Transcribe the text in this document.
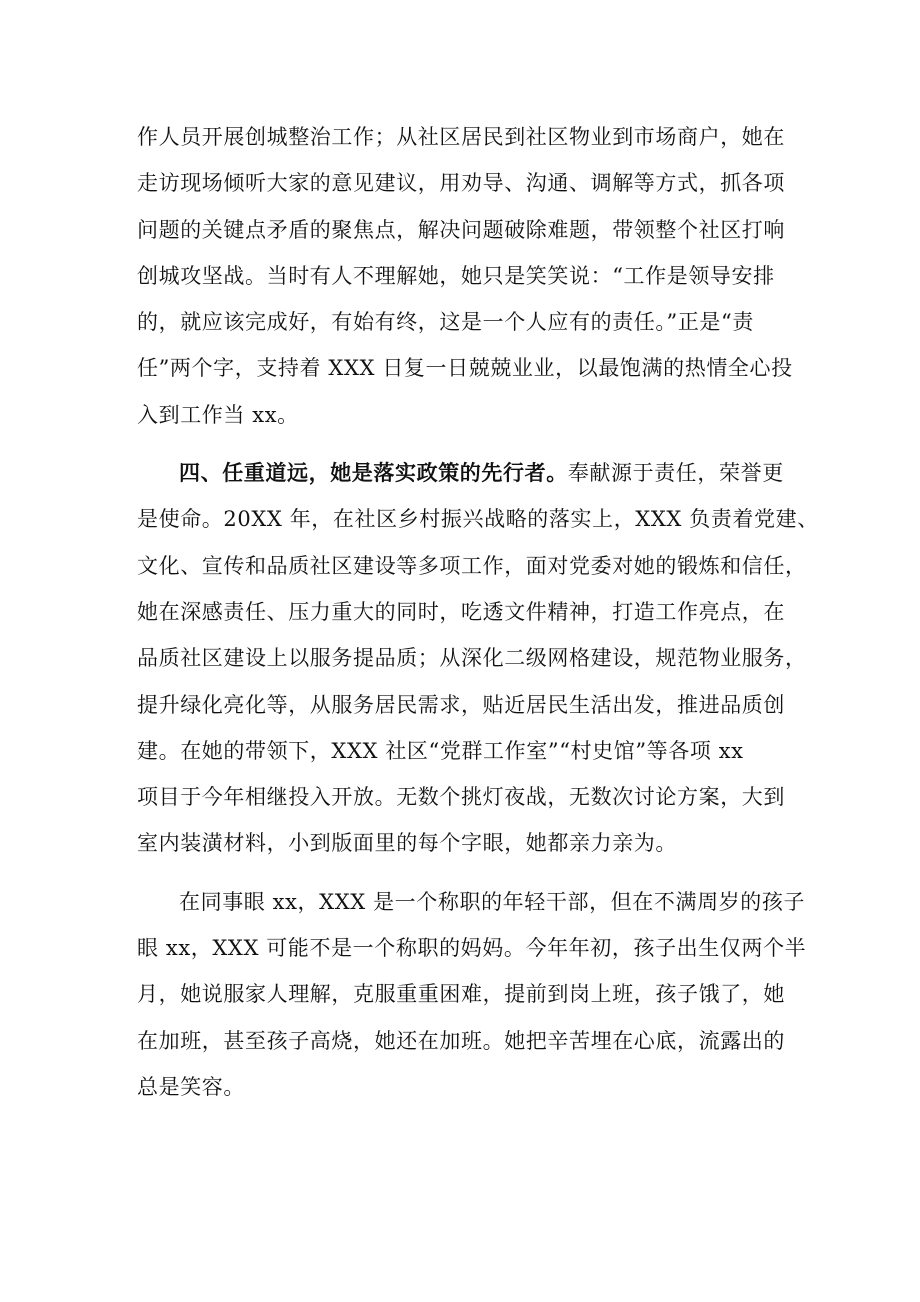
作人员开展创城整治工作；从社区居民到社区物业到市场商户，她在
走访现场倾听大家的意见建议，用劝导、沟通、调解等方式，抓各项
问题的关键点矛盾的聚焦点，解决问题破除难题，带领整个社区打响
创城攻坚战。当时有人不理解她，她只是笑笑说：“工作是领导安排
的，就应该完成好，有始有终，这是一个人应有的责任。”正是“责
任”两个字，支持着 XXX 日复一日兢兢业业，以最饱满的热情全心投
入到工作当 xx。
四、任重道远，她是落实政策的先行者。奉献源于责任，荣誉更
是使命。20XX 年，在社区乡村振兴战略的落实上，XXX 负责着党建、
文化、宣传和品质社区建设等多项工作，面对党委对她的锻炼和信任，
她在深感责任、压力重大的同时，吃透文件精神，打造工作亮点，在
品质社区建设上以服务提品质；从深化二级网格建设，规范物业服务，
提升绿化亮化等，从服务居民需求，贴近居民生活出发，推进品质创
建。在她的带领下，XXX 社区“党群工作室”“村史馆”等各项 xx
项目于今年相继投入开放。无数个挑灯夜战，无数次讨论方案，大到
室内装潢材料，小到版面里的每个字眼，她都亲力亲为。
在同事眼 xx，XXX 是一个称职的年轻干部，但在不满周岁的孩子
眼 xx，XXX 可能不是一个称职的妈妈。今年年初，孩子出生仅两个半
月，她说服家人理解，克服重重困难，提前到岗上班，孩子饿了，她
在加班，甚至孩子高烧，她还在加班。她把辛苦埋在心底，流露出的
总是笑容。
